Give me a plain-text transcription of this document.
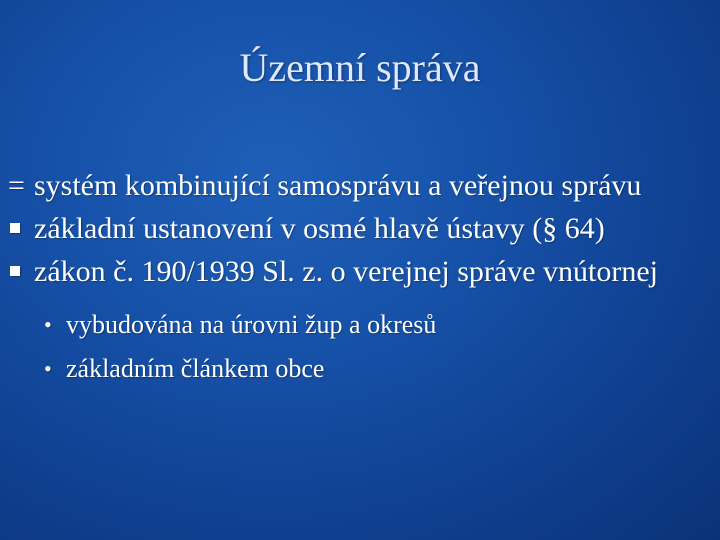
Územní správa

= systém kombinující samosprávu a veřejnou správu

základní ustanovení v osmé hlavě ústavy (§ 64)

zákon č. 190/1939 Sl. z. o verejnej správe vnútornej

• vybudována na úrovni žup a okresů

• základním článkem obce
